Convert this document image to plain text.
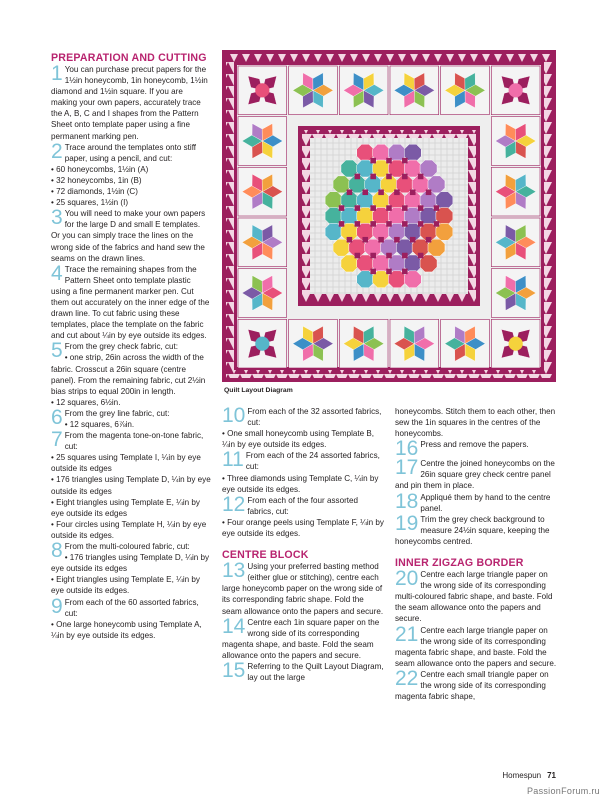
PREPARATION AND CUTTING

1 You can purchase precut papers for the 1½in honeycomb, 1in honeycomb, 1½in diamond and 1½in square. If you are making your own papers, accurately trace the A, B, C and I shapes from the Pattern Sheet onto template paper using a fine permanent marking pen.
2 Trace around the templates onto stiff paper, using a pencil, and cut:
• 60 honeycombs, 1½in (A)
• 32 honeycombs, 1in (B)
• 72 diamonds, 1½in (C)
• 25 squares, 1½in (I)
3 You will need to make your own papers for the large D and small E templates. Or you can simply trace the lines on the wrong side of the fabrics and hand sew the seams on the drawn lines.
4 Trace the remaining shapes from the Pattern Sheet onto template plastic using a fine permanent marker pen. Cut them out accurately on the inner edge of the drawn line. To cut fabric using these templates, place the template on the fabric and cut about ¼in by eye outside its edges.
5 From the grey check fabric, cut:
• one strip, 26in across the width of the fabric. Crosscut a 26in square (centre panel). From the remaining fabric, cut 2½in bias strips to equal 200in in length.
• 12 squares, 6½in.
6 From the grey line fabric, cut:
• 12 squares, 6⅞in.
7 From the magenta tone-on-tone fabric, cut:
• 25 squares using Template I, ¼in by eye outside its edges
• 176 triangles using Template D, ¼in by eye outside its edges
• Eight triangles using Template E, ¼in by eye outside its edges
• Four circles using Template H, ¼in by eye outside its edges.
8 From the multi-coloured fabric, cut:
• 176 triangles using Template D, ¼in by eye outside its edges
• Eight triangles using Template E, ¼in by eye outside its edges.
9 From each of the 60 assorted fabrics, cut:
• One large honeycomb using Template A, ¼in by eye outside its edges.
Quilt Layout Diagram
10 From each of the 32 assorted fabrics, cut:
• One small honeycomb using Template B, ¼in by eye outside its edges.
11 From each of the 24 assorted fabrics, cut:
• Three diamonds using Template C, ¼in by eye outside its edges.
12 From each of the four assorted fabrics, cut:
• Four orange peels using Template F, ¼in by eye outside its edges.

CENTRE BLOCK

13 Using your preferred basting method (either glue or stitching), centre each large honeycomb paper on the wrong side of its corresponding fabric shape. Fold the seam allowance onto the papers and secure.
14 Centre each 1in square paper on the wrong side of its corresponding magenta shape, and baste. Fold the seam allowance onto the papers and secure.
15 Referring to the Quilt Layout Diagram, lay out the large

honeycombs. Stitch them to each other, then sew the 1in squares in the centres of the honeycombs.

16 Press and remove the papers.
17 Centre the joined honeycombs on the 26in square grey check centre panel and pin them in place.
18 Appliqué them by hand to the centre panel.
19 Trim the grey check background to measure 24½in square, keeping the honeycombs centred.

INNER ZIGZAG BORDER

20 Centre each large triangle paper on the wrong side of its corresponding multi-coloured fabric shape, and baste. Fold the seam allowance onto the papers and secure.
21 Centre each large triangle paper on the wrong side of its corresponding magenta fabric shape, and baste. Fold the seam allowance onto the papers and secure.
22 Centre each small triangle paper on the wrong side of its corresponding magenta fabric shape,
Homespun 71
PassionForum.ru
